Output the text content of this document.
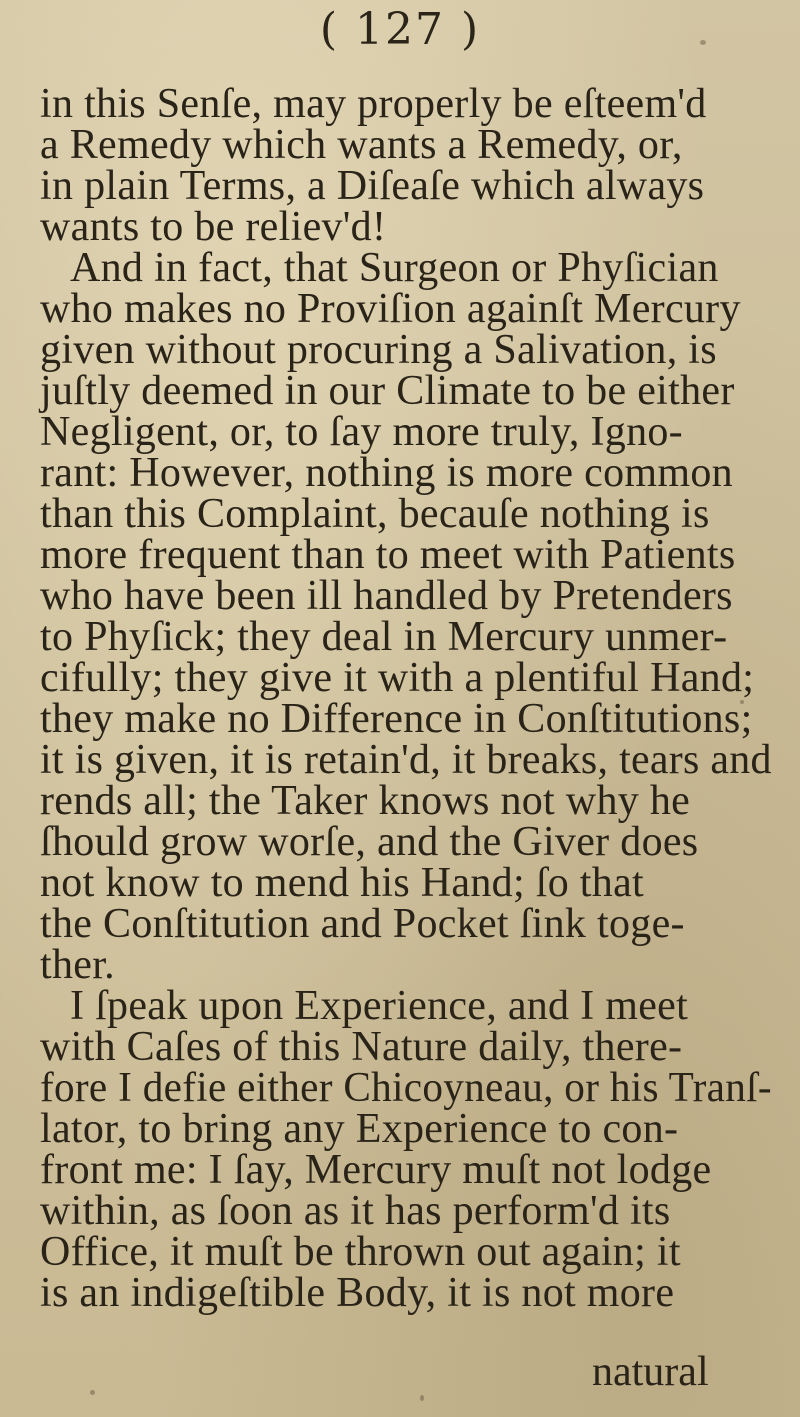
( 127 )
in this Senſe, may properly be eſteem'd
a Remedy which wants a Remedy, or,
in plain Terms, a Diſeaſe which always
wants to be reliev'd!
And in fact, that Surgeon or Phyſician
who makes no Proviſion againſt Mercury
given without procuring a Salivation, is
juſtly deemed in our Climate to be either
Negligent, or, to ſay more truly, Igno-
rant: However, nothing is more common
than this Complaint, becauſe nothing is
more frequent than to meet with Patients
who have been ill handled by Pretenders
to Phyſick; they deal in Mercury unmer-
cifully; they give it with a plentiful Hand;
they make no Difference in Conſtitutions;
it is given, it is retain'd, it breaks, tears and
rends all; the Taker knows not why he
ſhould grow worſe, and the Giver does
not know to mend his Hand; ſo that
the Conſtitution and Pocket ſink toge-
ther.
I ſpeak upon Experience, and I meet
with Caſes of this Nature daily, there-
fore I defie either Chicoyneau, or his Tranſ-
lator, to bring any Experience to con-
front me: I ſay, Mercury muſt not lodge
within, as ſoon as it has perform'd its
Office, it muſt be thrown out again; it
is an indigeſtible Body, it is not more
natural
